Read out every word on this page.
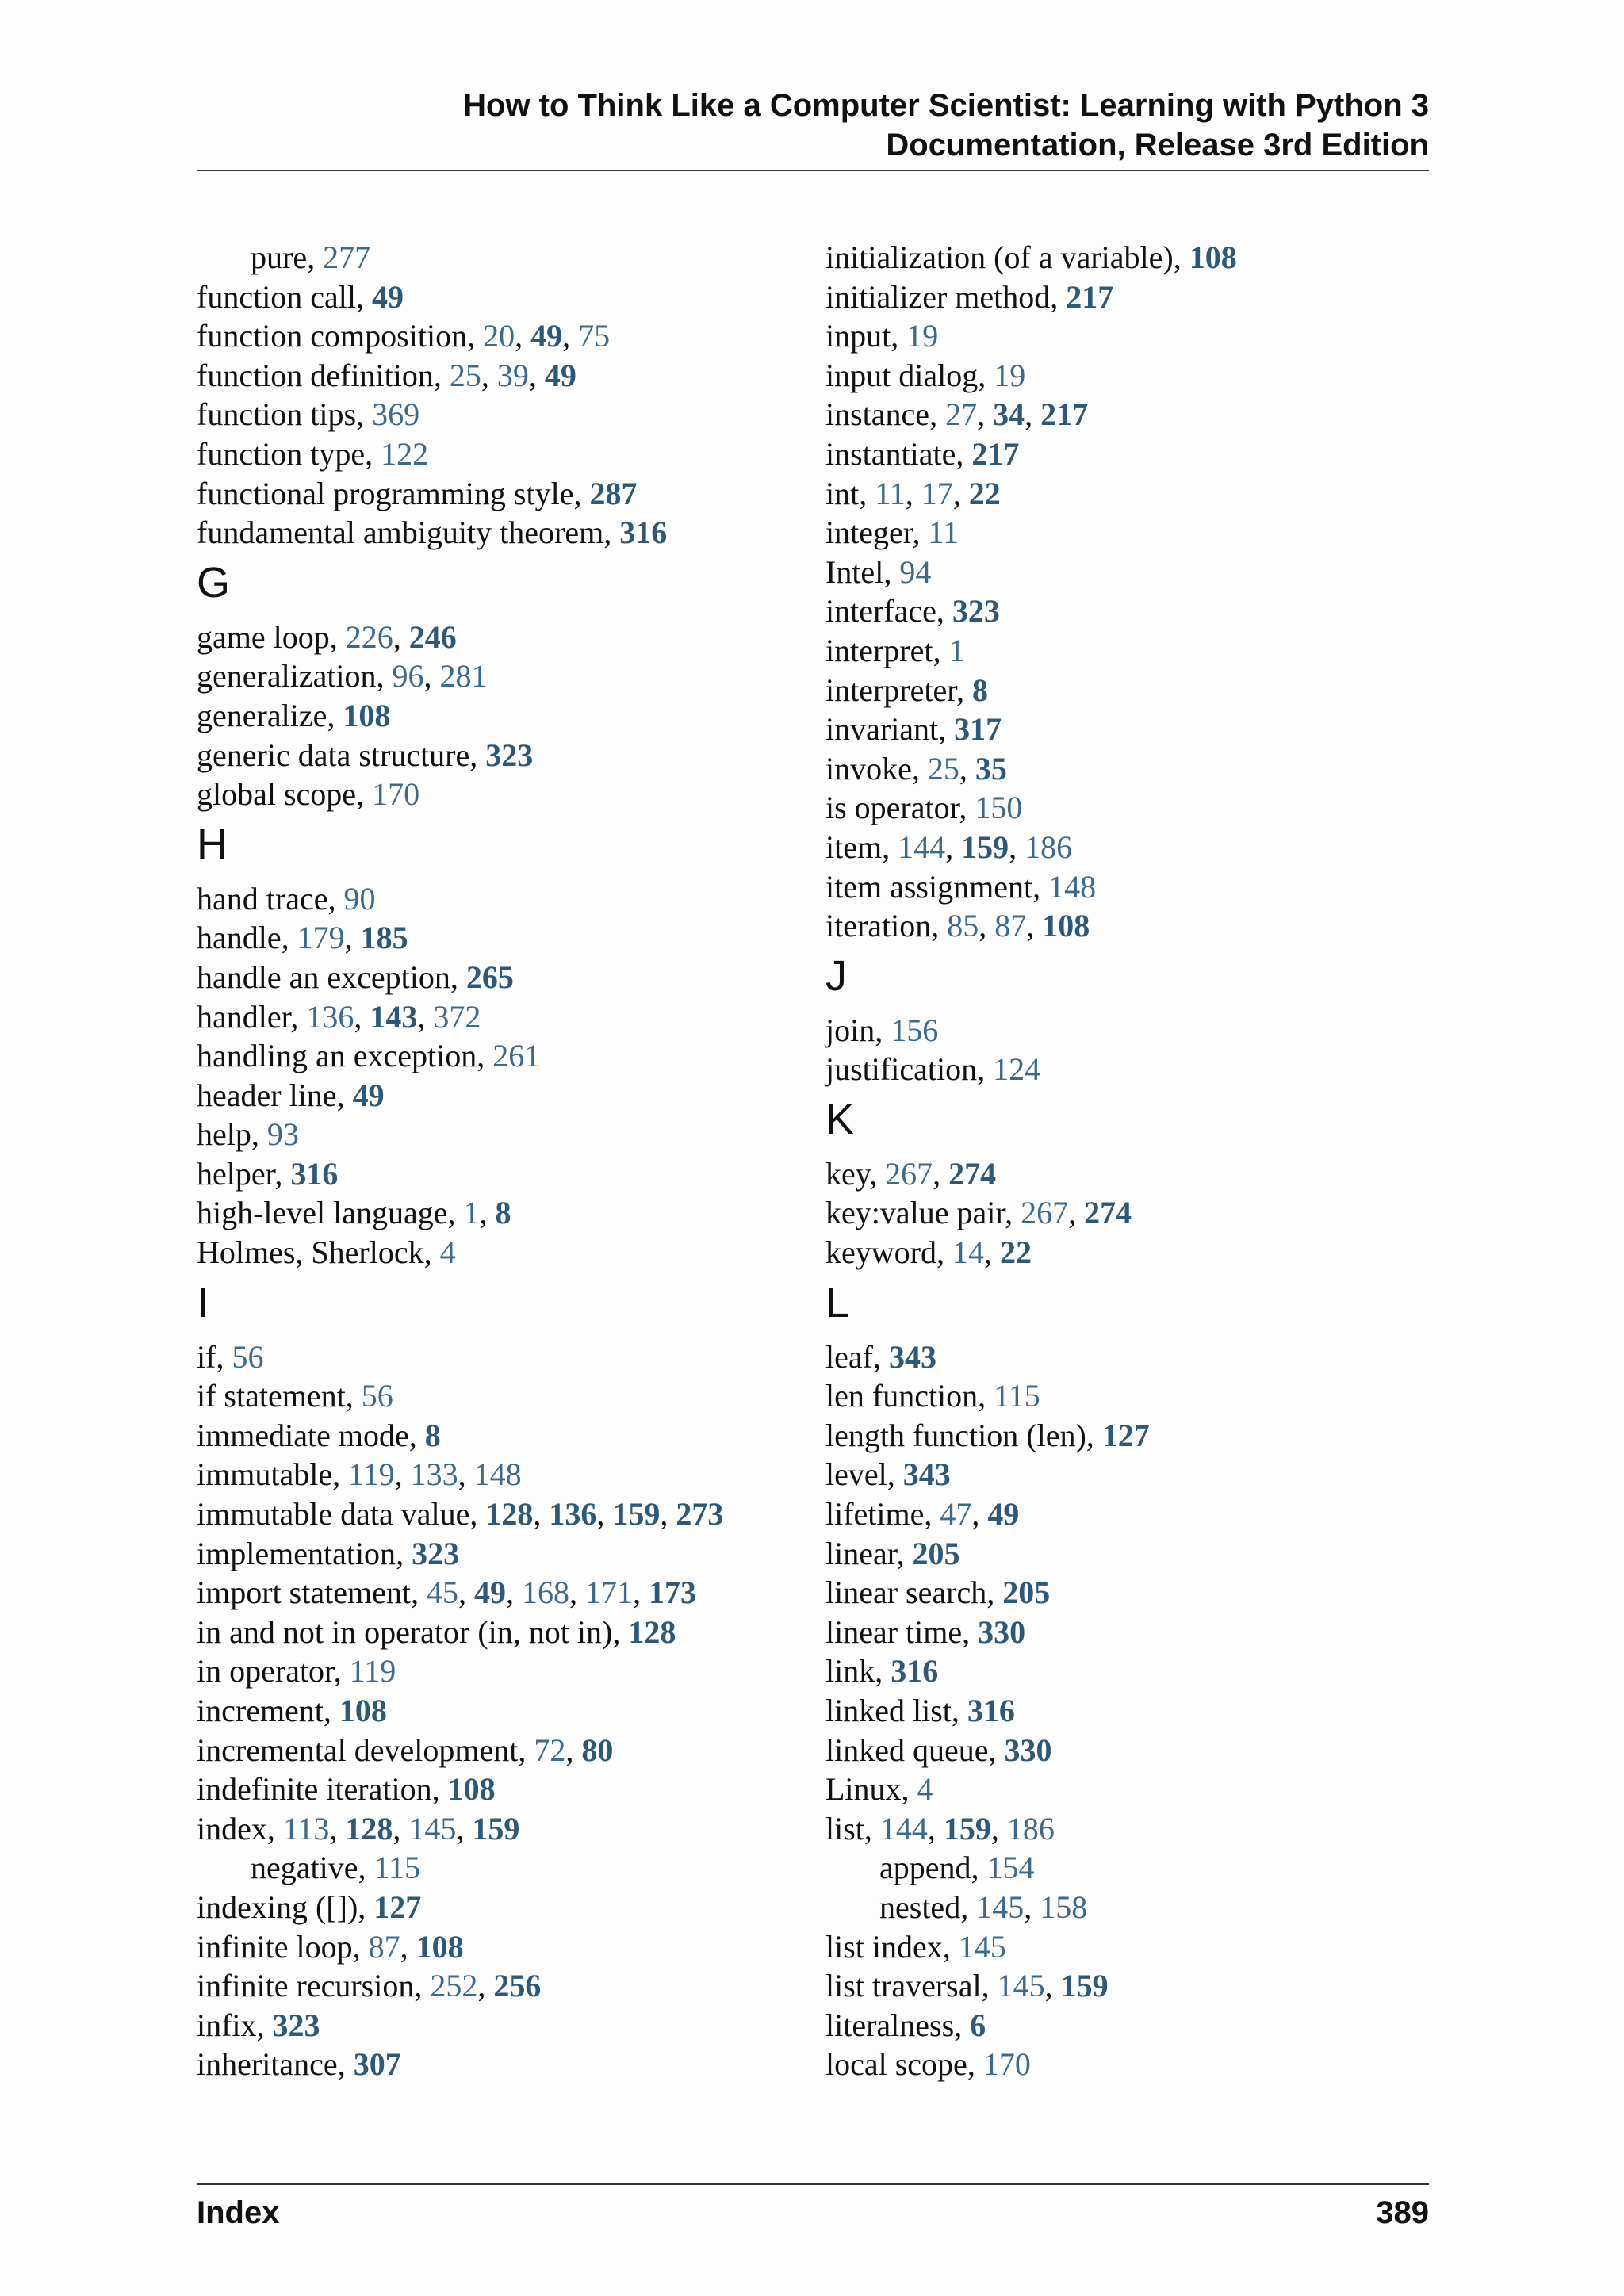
How to Think Like a Computer Scientist: Learning with Python 3
Documentation, Release 3rd Edition
pure, 277
function call, 49
function composition, 20, 49, 75
function definition, 25, 39, 49
function tips, 369
function type, 122
functional programming style, 287
fundamental ambiguity theorem, 316
G
game loop, 226, 246
generalization, 96, 281
generalize, 108
generic data structure, 323
global scope, 170
H
hand trace, 90
handle, 179, 185
handle an exception, 265
handler, 136, 143, 372
handling an exception, 261
header line, 49
help, 93
helper, 316
high-level language, 1, 8
Holmes, Sherlock, 4
I
if, 56
if statement, 56
immediate mode, 8
immutable, 119, 133, 148
immutable data value, 128, 136, 159, 273
implementation, 323
import statement, 45, 49, 168, 171, 173
in and not in operator (in, not in), 128
in operator, 119
increment, 108
incremental development, 72, 80
indefinite iteration, 108
index, 113, 128, 145, 159
negative, 115
indexing ([]), 127
infinite loop, 87, 108
infinite recursion, 252, 256
infix, 323
inheritance, 307
initialization (of a variable), 108
initializer method, 217
input, 19
input dialog, 19
instance, 27, 34, 217
instantiate, 217
int, 11, 17, 22
integer, 11
Intel, 94
interface, 323
interpret, 1
interpreter, 8
invariant, 317
invoke, 25, 35
is operator, 150
item, 144, 159, 186
item assignment, 148
iteration, 85, 87, 108
J
join, 156
justification, 124
K
key, 267, 274
key:value pair, 267, 274
keyword, 14, 22
L
leaf, 343
len function, 115
length function (len), 127
level, 343
lifetime, 47, 49
linear, 205
linear search, 205
linear time, 330
link, 316
linked list, 316
linked queue, 330
Linux, 4
list, 144, 159, 186
append, 154
nested, 145, 158
list index, 145
list traversal, 145, 159
literalness, 6
local scope, 170
Index	389
